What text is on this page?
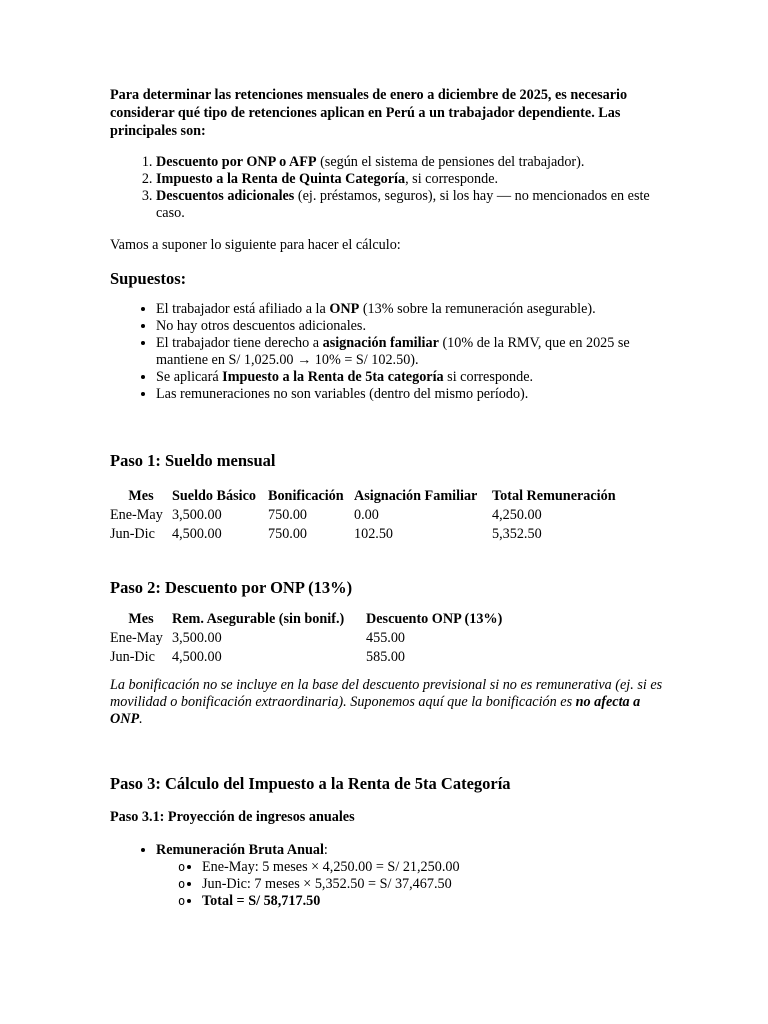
Para determinar las retenciones mensuales de enero a diciembre de 2025, es necesario considerar qué tipo de retenciones aplican en Perú a un trabajador dependiente. Las principales son:

1. Descuento por ONP o AFP (según el sistema de pensiones del trabajador).
2. Impuesto a la Renta de Quinta Categoría, si corresponde.
3. Descuentos adicionales (ej. préstamos, seguros), si los hay — no mencionados en este caso.

Vamos a suponer lo siguiente para hacer el cálculo:

Supuestos:
• El trabajador está afiliado a la ONP (13% sobre la remuneración asegurable).
• No hay otros descuentos adicionales.
• El trabajador tiene derecho a asignación familiar (10% de la RMV, que en 2025 se mantiene en S/ 1,025.00 → 10% = S/ 102.50).
• Se aplicará Impuesto a la Renta de 5ta categoría si corresponde.
• Las remuneraciones no son variables (dentro del mismo período).
Paso 1: Sueldo mensual
Mes	Sueldo Básico	Bonificación	Asignación Familiar	Total Remuneración
Ene-May	3,500.00	750.00	0.00	4,250.00
Jun-Dic	4,500.00	750.00	102.50	5,352.50
Paso 2: Descuento por ONP (13%)
Mes	Rem. Asegurable (sin bonif.)	Descuento ONP (13%)
Ene-May	3,500.00	455.00
Jun-Dic	4,500.00	585.00

La bonificación no se incluye en la base del descuento previsional si no es remunerativa (ej. si es movilidad o bonificación extraordinaria). Suponemos aquí que la bonificación es no afecta a ONP.

Paso 3: Cálculo del Impuesto a la Renta de 5ta Categoría
Paso 3.1: Proyección de ingresos anuales
• Remuneración Bruta Anual:
o • Ene-May: 5 meses × 4,250.00 = S/ 21,250.00
o • Jun-Dic: 7 meses × 5,352.50 = S/ 37,467.50
o • Total = S/ 58,717.50
